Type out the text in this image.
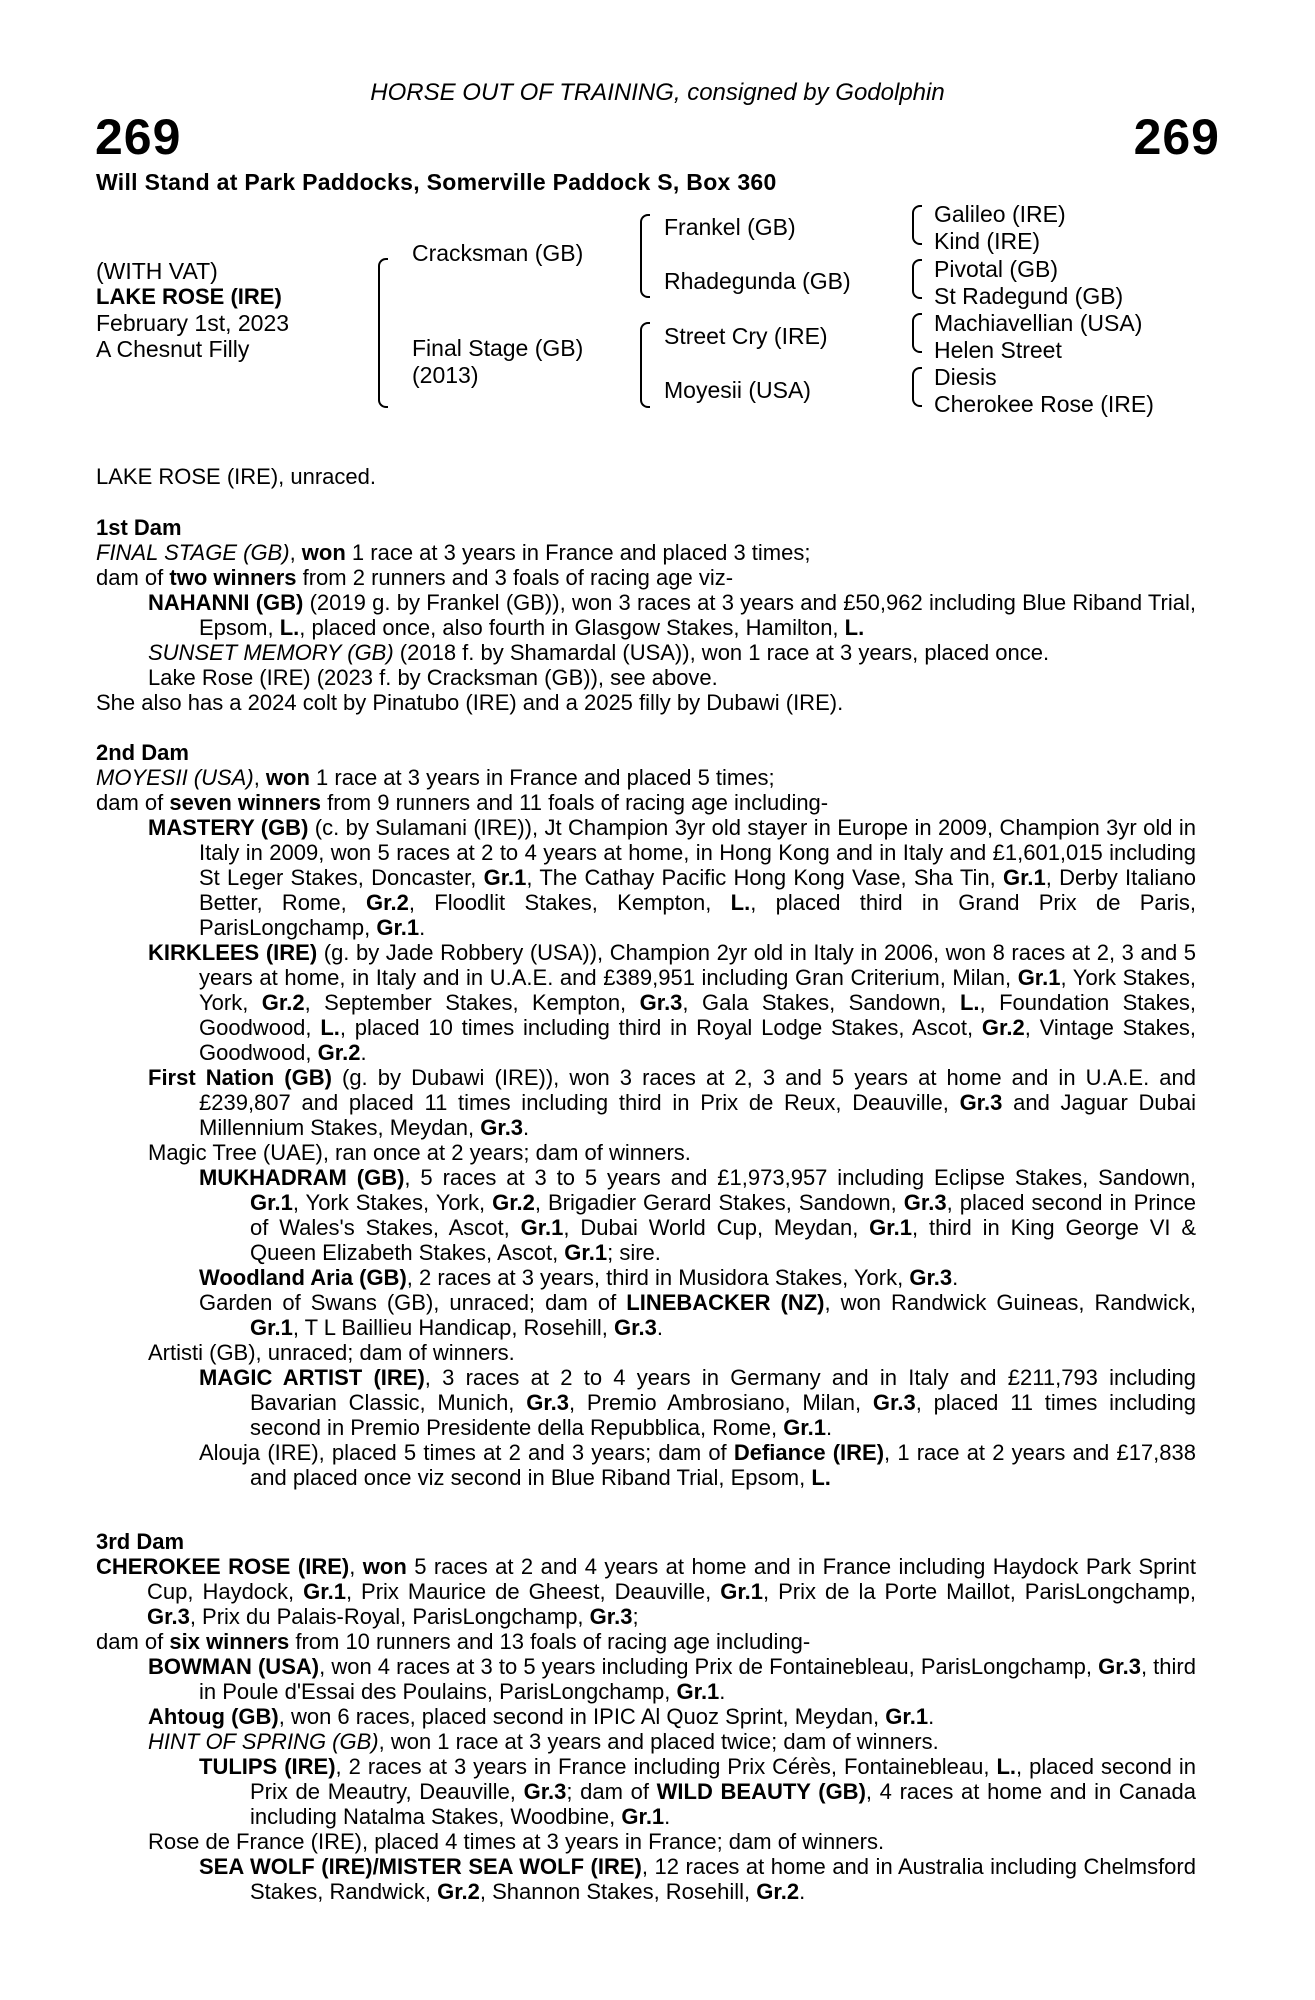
HORSE OUT OF TRAINING, consigned by Godolphin
269	269
Will Stand at Park Paddocks, Somerville Paddock S, Box 360
(WITH VAT)
LAKE ROSE (IRE)
February 1st, 2023
A Chesnut Filly
Cracksman (GB)
Final Stage (GB)
(2013)
Frankel (GB)
Rhadegunda (GB)
Street Cry (IRE)
Moyesii (USA)
Galileo (IRE)
Kind (IRE)
Pivotal (GB)
St Radegund (GB)
Machiavellian (USA)
Helen Street
Diesis
Cherokee Rose (IRE)
LAKE ROSE (IRE), unraced.

1st Dam

FINAL STAGE (GB), won 1 race at 3 years in France and placed 3 times;

dam of two winners from 2 runners and 3 foals of racing age viz-

NAHANNI (GB) (2019 g. by Frankel (GB)), won 3 races at 3 years and £50,962 including Blue Riband Trial, Epsom, L., placed once, also fourth in Glasgow Stakes, Hamilton, L.

SUNSET MEMORY (GB) (2018 f. by Shamardal (USA)), won 1 race at 3 years, placed once.

Lake Rose (IRE) (2023 f. by Cracksman (GB)), see above.

She also has a 2024 colt by Pinatubo (IRE) and a 2025 filly by Dubawi (IRE).

2nd Dam

MOYESII (USA), won 1 race at 3 years in France and placed 5 times;

dam of seven winners from 9 runners and 11 foals of racing age including-

MASTERY (GB) (c. by Sulamani (IRE)), Jt Champion 3yr old stayer in Europe in 2009, Champion 3yr old in Italy in 2009, won 5 races at 2 to 4 years at home, in Hong Kong and in Italy and £1,601,015 including St Leger Stakes, Doncaster, Gr.1, The Cathay Pacific Hong Kong Vase, Sha Tin, Gr.1, Derby Italiano Better, Rome, Gr.2, Floodlit Stakes, Kempton, L., placed third in Grand Prix de Paris, ParisLongchamp, Gr.1.

KIRKLEES (IRE) (g. by Jade Robbery (USA)), Champion 2yr old in Italy in 2006, won 8 races at 2, 3 and 5 years at home, in Italy and in U.A.E. and £389,951 including Gran Criterium, Milan, Gr.1, York Stakes, York, Gr.2, September Stakes, Kempton, Gr.3, Gala Stakes, Sandown, L., Foundation Stakes, Goodwood, L., placed 10 times including third in Royal Lodge Stakes, Ascot, Gr.2, Vintage Stakes, Goodwood, Gr.2.

First Nation (GB) (g. by Dubawi (IRE)), won 3 races at 2, 3 and 5 years at home and in U.A.E. and £239,807 and placed 11 times including third in Prix de Reux, Deauville, Gr.3 and Jaguar Dubai Millennium Stakes, Meydan, Gr.3.

Magic Tree (UAE), ran once at 2 years; dam of winners.

MUKHADRAM (GB), 5 races at 3 to 5 years and £1,973,957 including Eclipse Stakes, Sandown, Gr.1, York Stakes, York, Gr.2, Brigadier Gerard Stakes, Sandown, Gr.3, placed second in Prince of Wales's Stakes, Ascot, Gr.1, Dubai World Cup, Meydan, Gr.1, third in King George VI & Queen Elizabeth Stakes, Ascot, Gr.1; sire.

Woodland Aria (GB), 2 races at 3 years, third in Musidora Stakes, York, Gr.3.

Garden of Swans (GB), unraced; dam of LINEBACKER (NZ), won Randwick Guineas, Randwick, Gr.1, T L Baillieu Handicap, Rosehill, Gr.3.

Artisti (GB), unraced; dam of winners.

MAGIC ARTIST (IRE), 3 races at 2 to 4 years in Germany and in Italy and £211,793 including Bavarian Classic, Munich, Gr.3, Premio Ambrosiano, Milan, Gr.3, placed 11 times including second in Premio Presidente della Repubblica, Rome, Gr.1.

Alouja (IRE), placed 5 times at 2 and 3 years; dam of Defiance (IRE), 1 race at 2 years and £17,838 and placed once viz second in Blue Riband Trial, Epsom, L.

3rd Dam

CHEROKEE ROSE (IRE), won 5 races at 2 and 4 years at home and in France including Haydock Park Sprint Cup, Haydock, Gr.1, Prix Maurice de Gheest, Deauville, Gr.1, Prix de la Porte Maillot, ParisLongchamp, Gr.3, Prix du Palais-Royal, ParisLongchamp, Gr.3;

dam of six winners from 10 runners and 13 foals of racing age including-

BOWMAN (USA), won 4 races at 3 to 5 years including Prix de Fontainebleau, ParisLongchamp, Gr.3, third in Poule d'Essai des Poulains, ParisLongchamp, Gr.1.

Ahtoug (GB), won 6 races, placed second in IPIC Al Quoz Sprint, Meydan, Gr.1.

HINT OF SPRING (GB), won 1 race at 3 years and placed twice; dam of winners.

TULIPS (IRE), 2 races at 3 years in France including Prix Cérès, Fontainebleau, L., placed second in Prix de Meautry, Deauville, Gr.3; dam of WILD BEAUTY (GB), 4 races at home and in Canada including Natalma Stakes, Woodbine, Gr.1.

Rose de France (IRE), placed 4 times at 3 years in France; dam of winners.

SEA WOLF (IRE)/MISTER SEA WOLF (IRE), 12 races at home and in Australia including Chelmsford Stakes, Randwick, Gr.2, Shannon Stakes, Rosehill, Gr.2.
